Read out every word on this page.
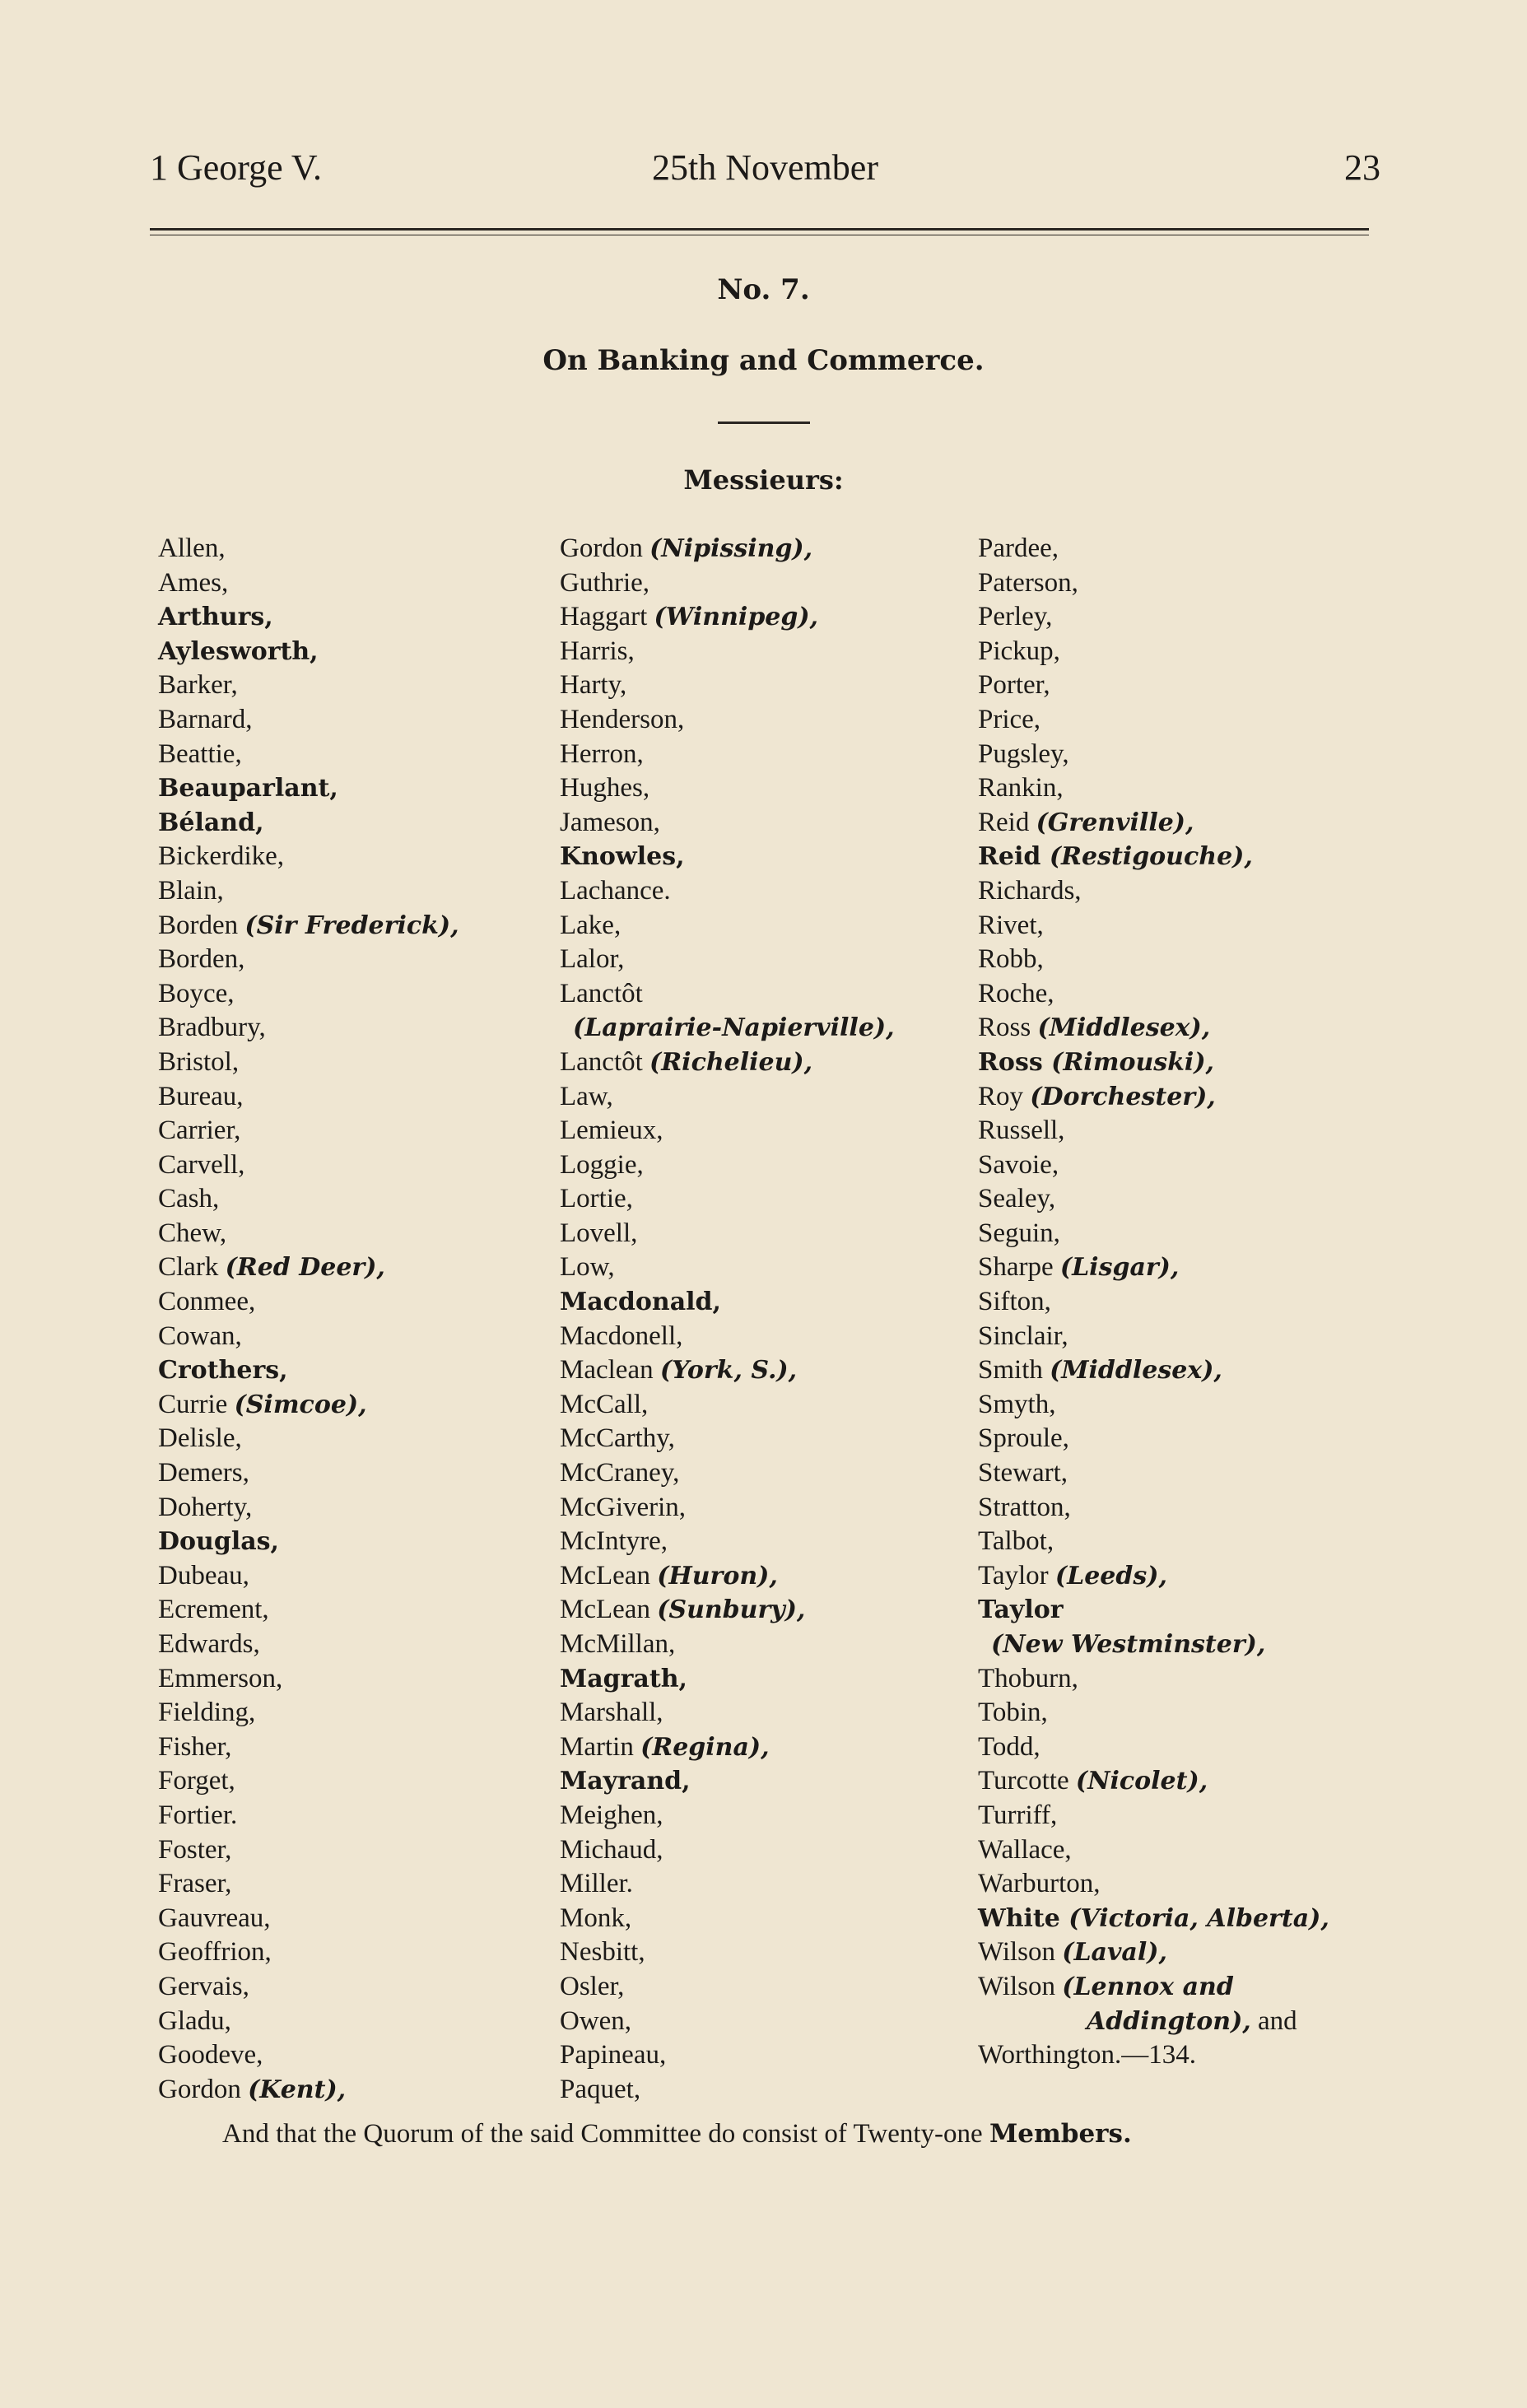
1 George V.	25th November	23
No. 7.
On Banking and Commerce.
Messieurs:
Allen,
Ames,
Arthurs,
Aylesworth,
Barker,
Barnard,
Beattie,
Beauparlant,
Béland,
Bickerdike,
Blain,
Borden (Sir Frederick),
Borden,
Boyce,
Bradbury,
Bristol,
Bureau,
Carrier,
Carvell,
Cash,
Chew,
Clark (Red Deer),
Conmee,
Cowan,
Crothers,
Currie (Simcoe),
Delisle,
Demers,
Doherty,
Douglas,
Dubeau,
Ecrement,
Edwards,
Emmerson,
Fielding,
Fisher,
Forget,
Fortier.
Foster,
Fraser,
Gauvreau,
Geoffrion,
Gervais,
Gladu,
Goodeve,
Gordon (Kent),
Gordon (Nipissing),
Guthrie,
Haggart (Winnipeg),
Harris,
Harty,
Henderson,
Herron,
Hughes,
Jameson,
Knowles,
Lachance.
Lake,
Lalor,
Lanctôt
(Laprairie-Napierville),
Lanctôt (Richelieu),
Law,
Lemieux,
Loggie,
Lortie,
Lovell,
Low,
Macdonald,
Macdonell,
Maclean (York, S.),
McCall,
McCarthy,
McCraney,
McGiverin,
McIntyre,
McLean (Huron),
McLean (Sunbury),
McMillan,
Magrath,
Marshall,
Martin (Regina),
Mayrand,
Meighen,
Michaud,
Miller.
Monk,
Nesbitt,
Osler,
Owen,
Papineau,
Paquet,
Pardee,
Paterson,
Perley,
Pickup,
Porter,
Price,
Pugsley,
Rankin,
Reid (Grenville),
Reid (Restigouche),
Richards,
Rivet,
Robb,
Roche,
Ross (Middlesex),
Ross (Rimouski),
Roy (Dorchester),
Russell,
Savoie,
Sealey,
Seguin,
Sharpe (Lisgar),
Sifton,
Sinclair,
Smith (Middlesex),
Smyth,
Sproule,
Stewart,
Stratton,
Talbot,
Taylor (Leeds),
Taylor
(New Westminster),
Thoburn,
Tobin,
Todd,
Turcotte (Nicolet),
Turriff,
Wallace,
Warburton,
White (Victoria, Alberta),
Wilson (Laval),
Wilson (Lennox and
Addington), and
Worthington.—134.
And that the Quorum of the said Committee do consist of Twenty-one Members.
